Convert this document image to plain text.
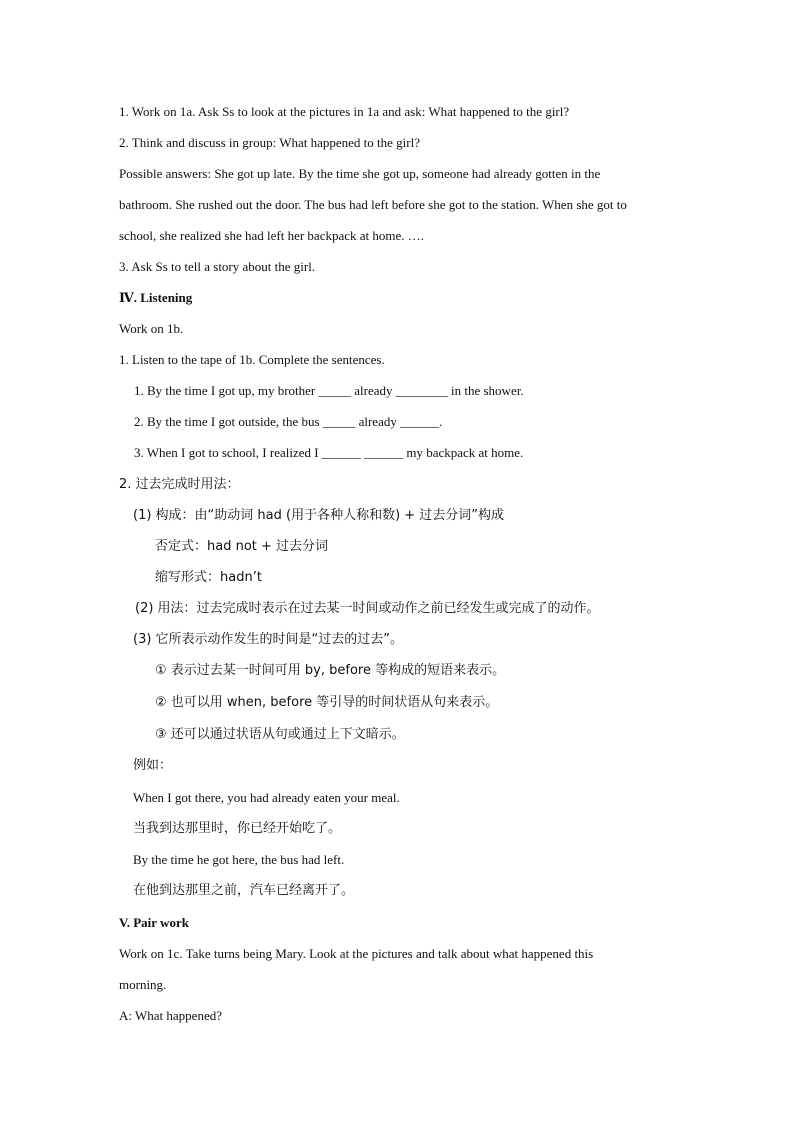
1. Work on 1a. Ask Ss to look at the pictures in 1a and ask: What happened to the girl?
2. Think and discuss in group: What happened to the girl?
Possible answers: She got up late. By the time she got up, someone had already gotten in the
bathroom. She rushed out the door. The bus had left before she got to the station. When she got to
school, she realized she had left her backpack at home. ….
3. Ask Ss to tell a story about the girl.
Ⅳ. Listening
Work on 1b.
1. Listen to the tape of 1b. Complete the sentences.
1. By the time I got up, my brother _____ already ________ in the shower.
2. By the time I got outside, the bus _____ already ______.
3. When I got to school, I realized I ______ ______ my backpack at home.
2. 过去完成时用法：
(1) 构成：由“助动词 had (用于各种人称和数) + 过去分词”构成
否定式：had not + 过去分词
缩写形式：hadn’t
(2) 用法：过去完成时表示在过去某一时间或动作之前已经发生或完成了的动作。
(3) 它所表示动作发生的时间是“过去的过去”。
① 表示过去某一时间可用 by, before 等构成的短语来表示。
② 也可以用 when, before 等引导的时间状语从句来表示。
③ 还可以通过状语从句或通过上下文暗示。
例如：
When I got there, you had already eaten your meal.
当我到达那里时，你已经开始吃了。
By the time he got here, the bus had left.
在他到达那里之前，汽车已经离开了。
V. Pair work
Work on 1c. Take turns being Mary. Look at the pictures and talk about what happened this
morning.
A: What happened?
